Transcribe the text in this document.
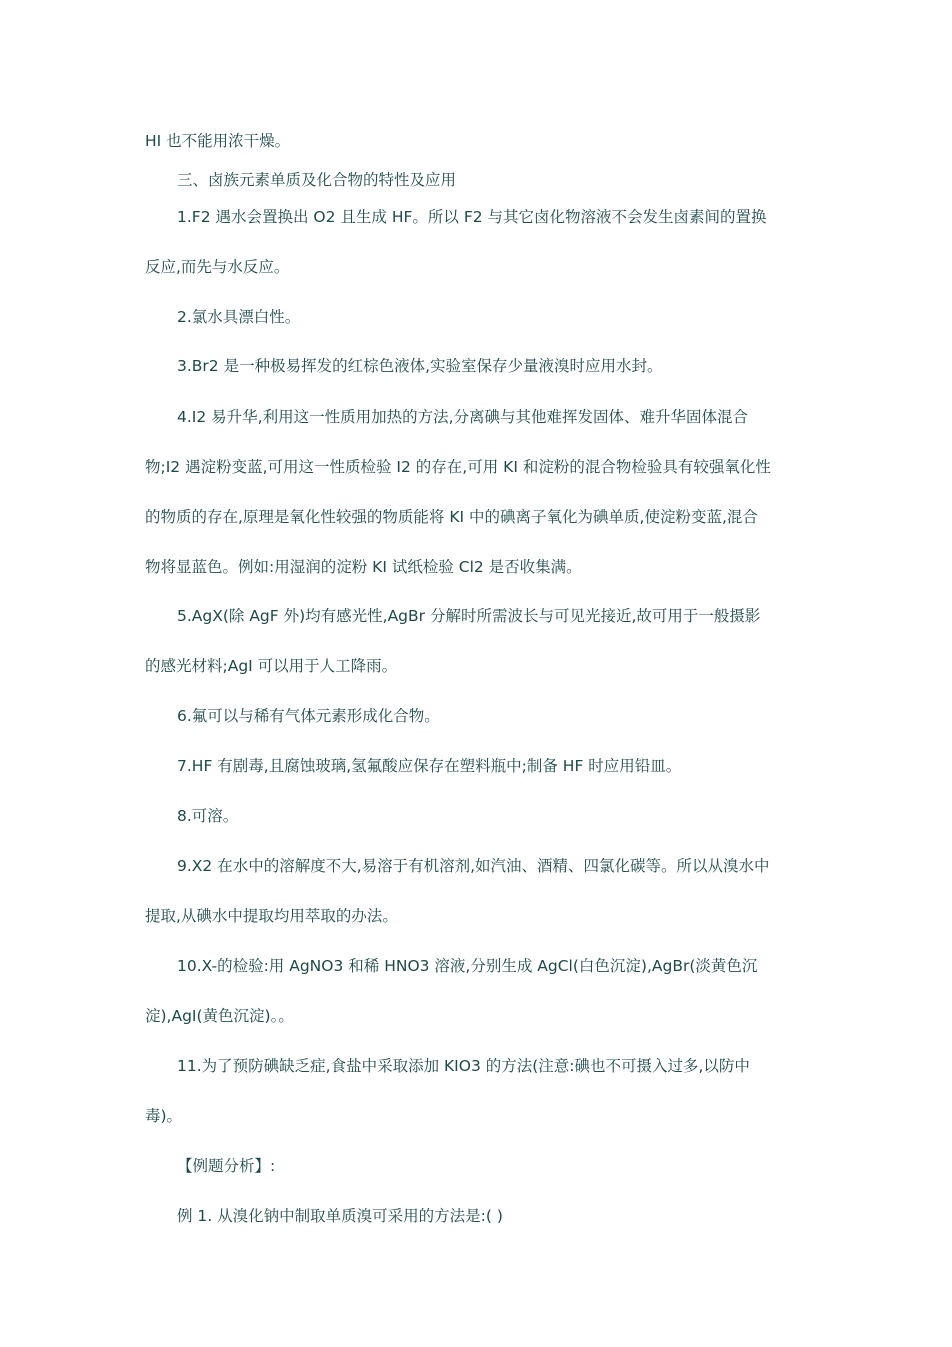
HI 也不能用浓干燥。
三、卤族元素单质及化合物的特性及应用
1.F2 遇水会置换出 O2 且生成 HF。所以 F2 与其它卤化物溶液不会发生卤素间的置换
反应,而先与水反应。
2.氯水具漂白性。
3.Br2 是一种极易挥发的红棕色液体,实验室保存少量液溴时应用水封。
4.I2 易升华,利用这一性质用加热的方法,分离碘与其他难挥发固体、难升华固体混合
物;I2 遇淀粉变蓝,可用这一性质检验 I2 的存在,可用 KI 和淀粉的混合物检验具有较强氧化性
的物质的存在,原理是氧化性较强的物质能将 KI 中的碘离子氧化为碘单质,使淀粉变蓝,混合
物将显蓝色。例如:用湿润的淀粉 KI 试纸检验 Cl2 是否收集满。
5.AgX(除 AgF 外)均有感光性,AgBr 分解时所需波长与可见光接近,故可用于一般摄影
的感光材料;AgI 可以用于人工降雨。
6.氟可以与稀有气体元素形成化合物。
7.HF 有剧毒,且腐蚀玻璃,氢氟酸应保存在塑料瓶中;制备 HF 时应用铅皿。
8.可溶。
9.X2 在水中的溶解度不大,易溶于有机溶剂,如汽油、酒精、四氯化碳等。所以从溴水中
提取,从碘水中提取均用萃取的办法。
10.X-的检验:用 AgNO3 和稀 HNO3 溶液,分别生成 AgCl(白色沉淀),AgBr(淡黄色沉
淀),AgI(黄色沉淀)。。
11.为了预防碘缺乏症,食盐中采取添加 KIO3 的方法(注意:碘也不可摄入过多,以防中
毒)。
【例题分析】:
例 1. 从溴化钠中制取单质溴可采用的方法是:( )
